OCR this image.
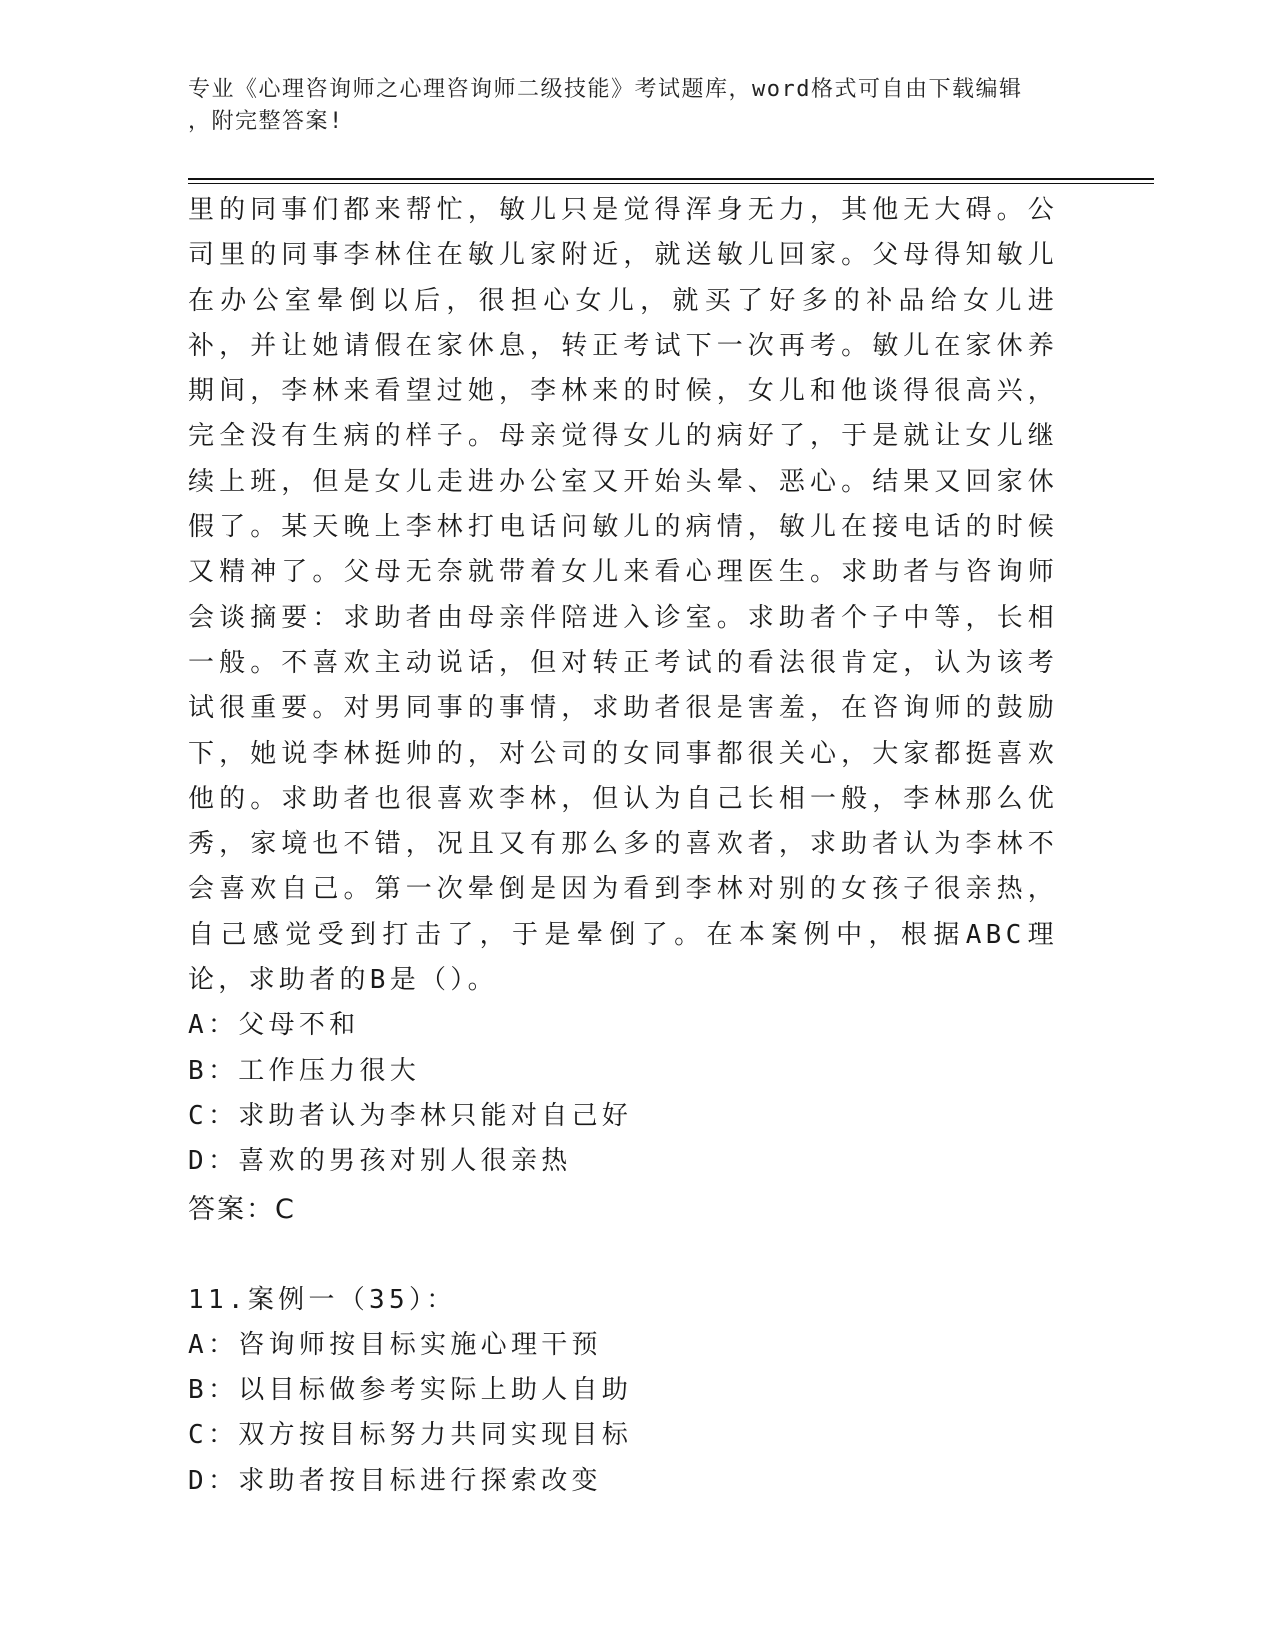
专业《心理咨询师之心理咨询师二级技能》考试题库，word格式可自由下载编辑
，附完整答案!

里的同事们都来帮忙，敏儿只是觉得浑身无力，其他无大碍。公司里的同事李林住在敏儿家附近，就送敏儿回家。父母得知敏儿在办公室晕倒以后，很担心女儿，就买了好多的补品给女儿进补，并让她请假在家休息，转正考试下一次再考。敏儿在家休养期间，李林来看望过她，李林来的时候，女儿和他谈得很高兴，完全没有生病的样子。母亲觉得女儿的病好了，于是就让女儿继续上班，但是女儿走进办公室又开始头晕、恶心。结果又回家休假了。某天晚上李林打电话问敏儿的病情，敏儿在接电话的时候又精神了。父母无奈就带着女儿来看心理医生。求助者与咨询师会谈摘要：求助者由母亲伴陪进入诊室。求助者个子中等，长相一般。不喜欢主动说话，但对转正考试的看法很肯定，认为该考试很重要。对男同事的事情，求助者很是害羞，在咨询师的鼓励下，她说李林挺帅的，对公司的女同事都很关心，大家都挺喜欢他的。求助者也很喜欢李林，但认为自己长相一般，李林那么优秀，家境也不错，况且又有那么多的喜欢者，求助者认为李林不会喜欢自己。第一次晕倒是因为看到李林对别的女孩子很亲热，自己感觉受到打击了，于是晕倒了。在本案例中，根据ABC理论，求助者的B是（）。

A：父母不和

B：工作压力很大

C：求助者认为李林只能对自己好

D：喜欢的男孩对别人很亲热

答案：C

11.案例一（35）：

A：咨询师按目标实施心理干预

B：以目标做参考实际上助人自助

C：双方按目标努力共同实现目标

D：求助者按目标进行探索改变
